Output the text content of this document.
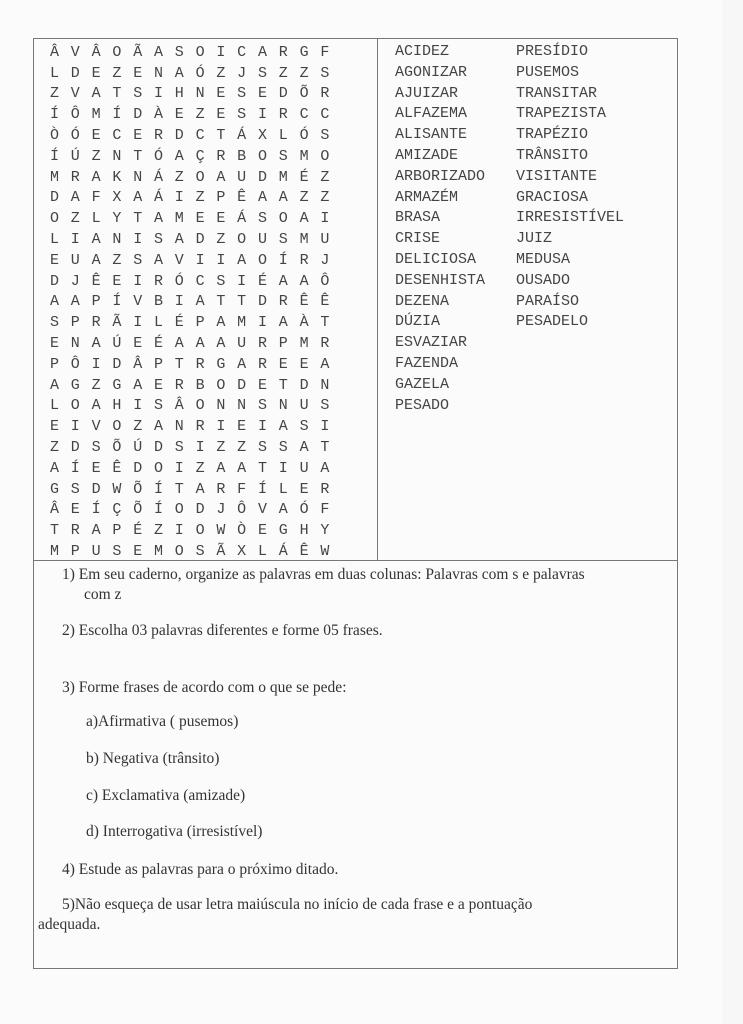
Â V Â O Ã A S O I C A R G F
L D E Z E N A Ó Z J S Z Z S
Z V A T S I H N E S E D Õ R
Í Ô M Í D À E Z E S I R C C
Ò Ó E C E R D C T Á X L Ó S
Í Ú Z N T Ó A Ç R B O S M O
M R A K N Á Z O A U D M É Z
D A F X A Á I Z P Ê A A Z Z
O Z L Y T A M E E Á S O A I
L I A N I S A D Z O U S M U
E U A Z S A V I I A O Í R J
D J Ê E I R Ó C S I É A A Ô
A A P Í V B I A T T D R Ê Ê
S P R Ã I L É P A M I A À T
E N A Ú E É A A A U R P M R
P Ô I D Â P T R G A R E E A
A G Z G A E R B O D E T D N
L O A H I S Â O N N S N U S
E I V O Z A N R I E I A S I
Z D S Õ Ú D S I Z Z S S A T
A Í E Ê D O I Z A A T I U A
G S D W Õ Í T A R F Í L E R
Â E Í Ç Õ Í O D J Ô V A Ó F
T R A P É Z I O W Ò E G H Y
M P U S E M O S Ã X L Á Ê W
ACIDEZ
AGONIZAR
AJUIZAR
ALFAZEMA
ALISANTE
AMIZADE
ARBORIZADO
ARMAZÉM
BRASA
CRISE
DELICIOSA
DESENHISTA
DEZENA
DÚZIA
ESVAZIAR
FAZENDA
GAZELA
PESADO
PRESÍDIO
PUSEMOS
TRANSITAR
TRAPEZISTA
TRAPÉZIO
TRÂNSITO
VISITANTE
GRACIOSA
IRRESISTÍVEL
JUIZ
MEDUSA
OUSADO
PARAÍSO
PESADELO
1) Em seu caderno, organize as palavras em duas colunas: Palavras com s e palavras
com z
2) Escolha 03 palavras diferentes e forme 05 frases.
3) Forme frases de acordo com o que se pede:
a)Afirmativa ( pusemos)
b) Negativa (trânsito)
c) Exclamativa (amizade)
d) Interrogativa (irresistível)
4) Estude as palavras para o próximo ditado.
5)Não esqueça de usar letra maiúscula no início de cada frase e a pontuação
adequada.
